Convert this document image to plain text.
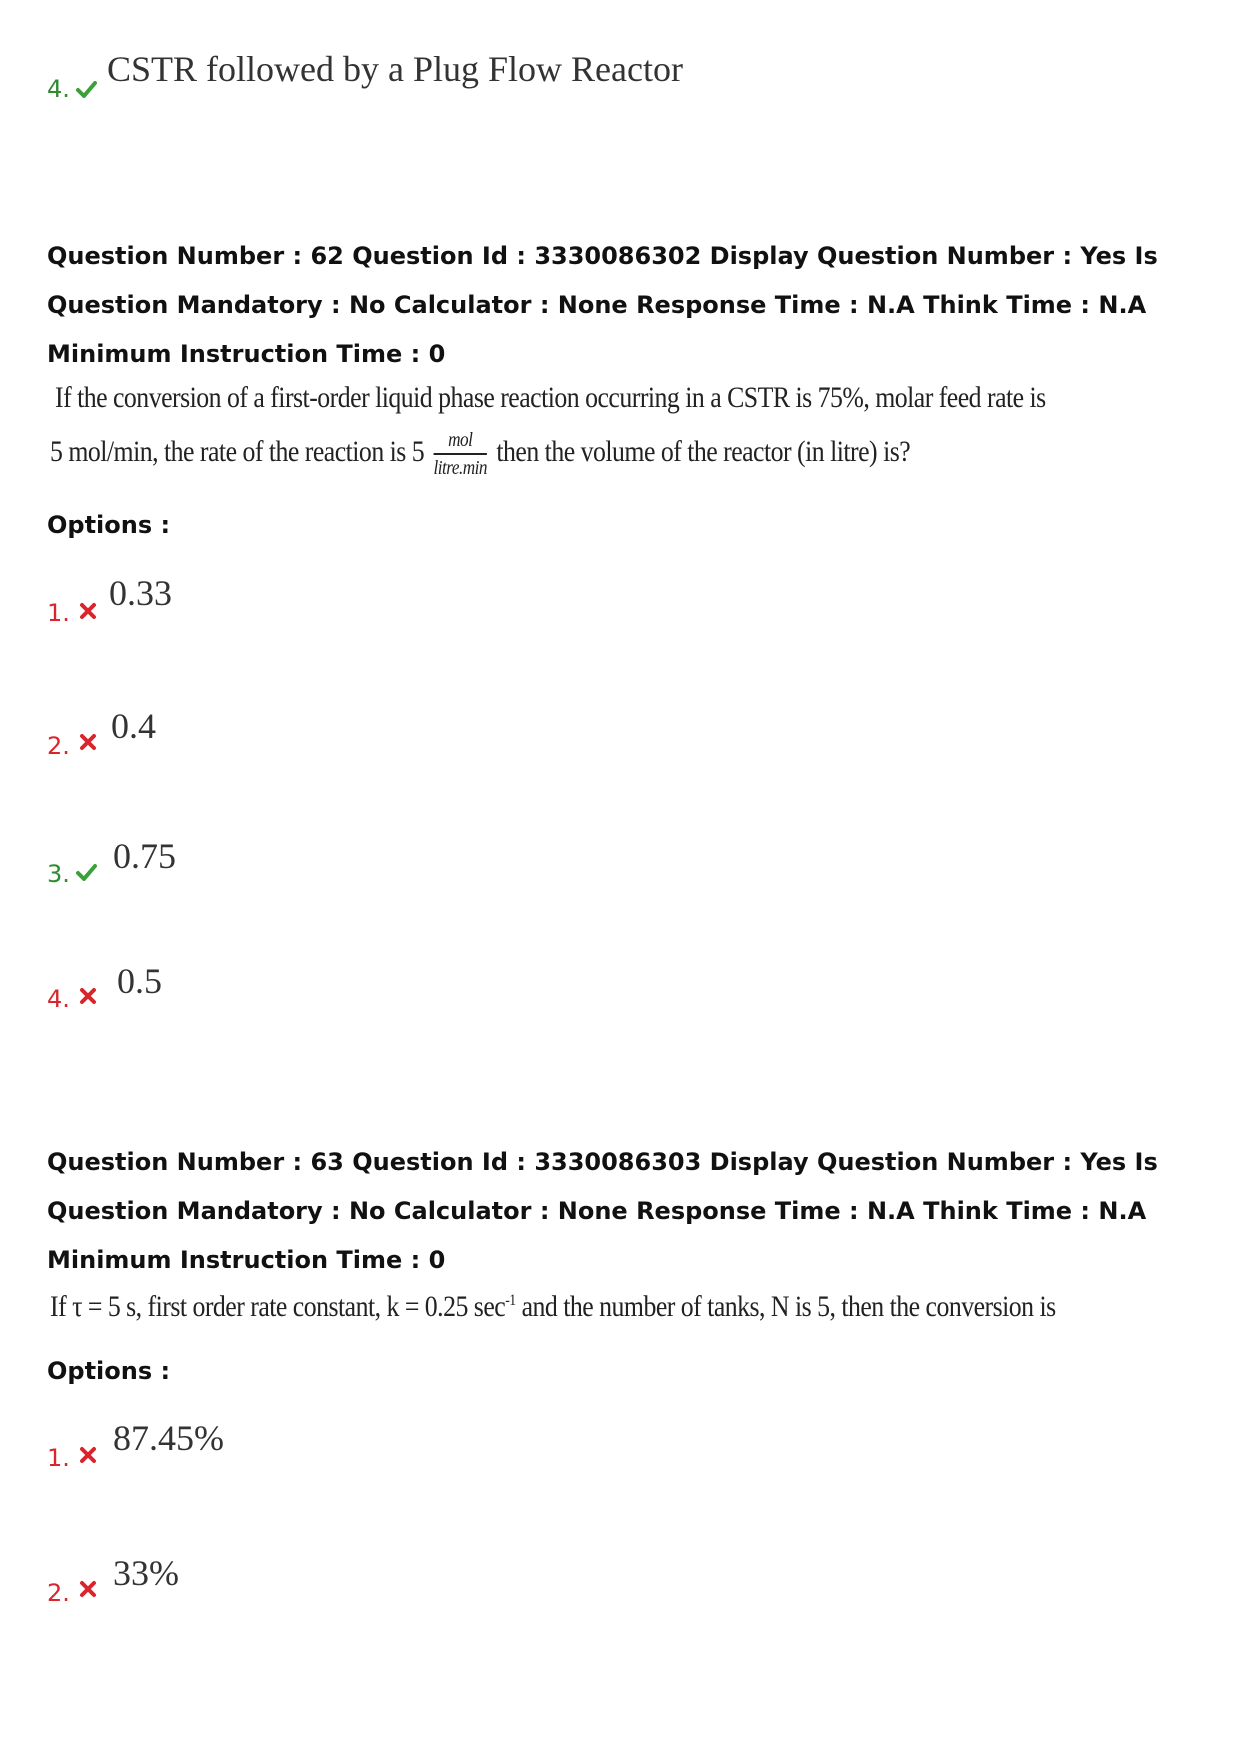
4. CSTR followed by a Plug Flow Reactor
Question Number : 62 Question Id : 3330086302 Display Question Number : Yes Is Question Mandatory : No Calculator : None Response Time : N.A Think Time : N.A Minimum Instruction Time : 0
If the conversion of a first-order liquid phase reaction occurring in a CSTR is 75%, molar feed rate is
5 mol/min, the rate of the reaction is $5 \frac{\text{mol}}{\text{litre.min}}$ then the volume of the reactor (in litre) is?
Options :
1. 0.33
2. 0.4
3. 0.75
4. 0.5
Question Number : 63 Question Id : 3330086303 Display Question Number : Yes Is Question Mandatory : No Calculator : None Response Time : N.A Think Time : N.A Minimum Instruction Time : 0
If τ = 5 s, first order rate constant, k = 0.25 $\sec^{-1}$ and the number of tanks, N is 5, then the conversion is
Options :
1. 87.45%
2. 33%
